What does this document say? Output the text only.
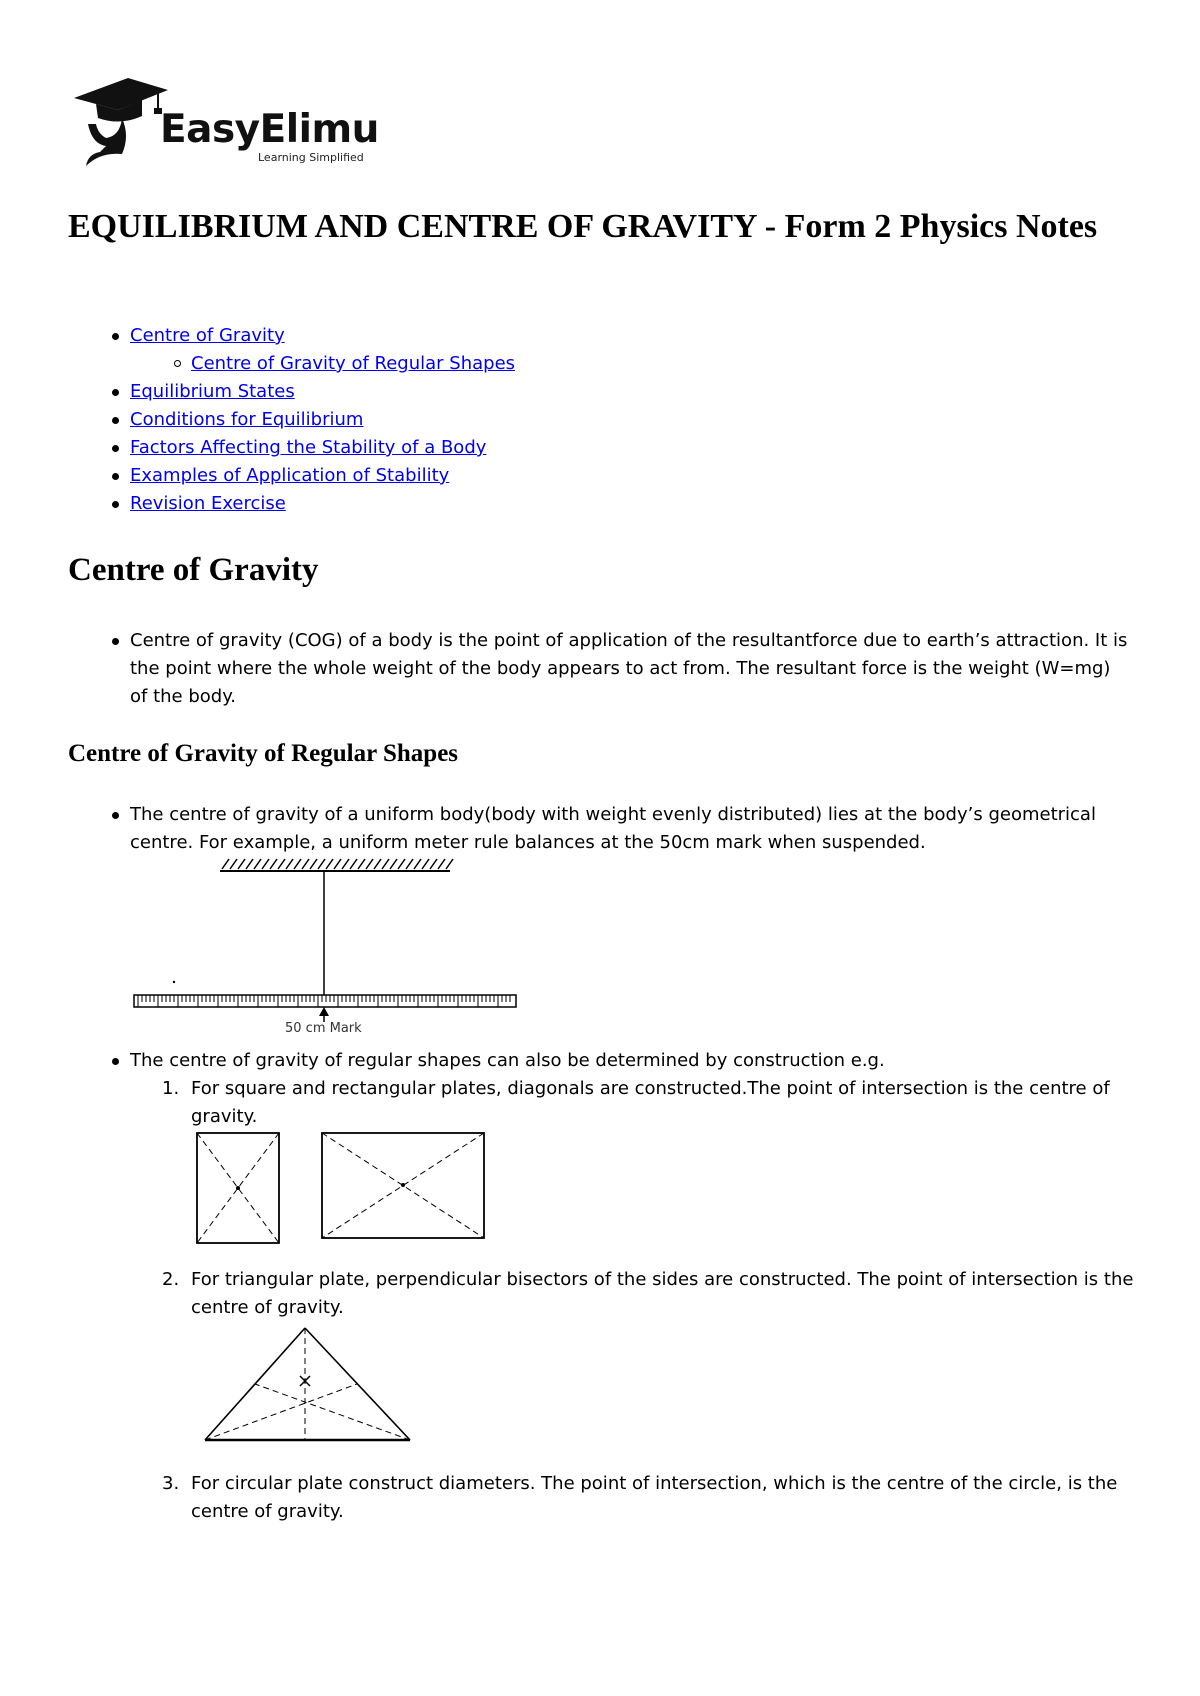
EasyElimu
Learning Simplified
EQUILIBRIUM AND CENTRE OF GRAVITY - Form 2 Physics Notes
Centre of Gravity
Centre of Gravity of Regular Shapes
Equilibrium States
Conditions for Equilibrium
Factors Affecting the Stability of a Body
Examples of Application of Stability
Revision Exercise
Centre of Gravity
Centre of gravity (COG) of a body is the point of application of the resultantforce due to earth’s attraction. It is the point where the whole weight of the body appears to act from. The resultant force is the weight (W=mg) of the body.
Centre of Gravity of Regular Shapes
The centre of gravity of a uniform body(body with weight evenly distributed) lies at the body’s geometrical centre. For example, a uniform meter rule balances at the 50cm mark when suspended.
50 cm Mark
The centre of gravity of regular shapes can also be determined by construction e.g.
1. For square and rectangular plates, diagonals are constructed.The point of intersection is the centre of gravity.
2. For triangular plate, perpendicular bisectors of the sides are constructed. The point of intersection is the centre of gravity.
3. For circular plate construct diameters. The point of intersection, which is the centre of the circle, is the centre of gravity.
